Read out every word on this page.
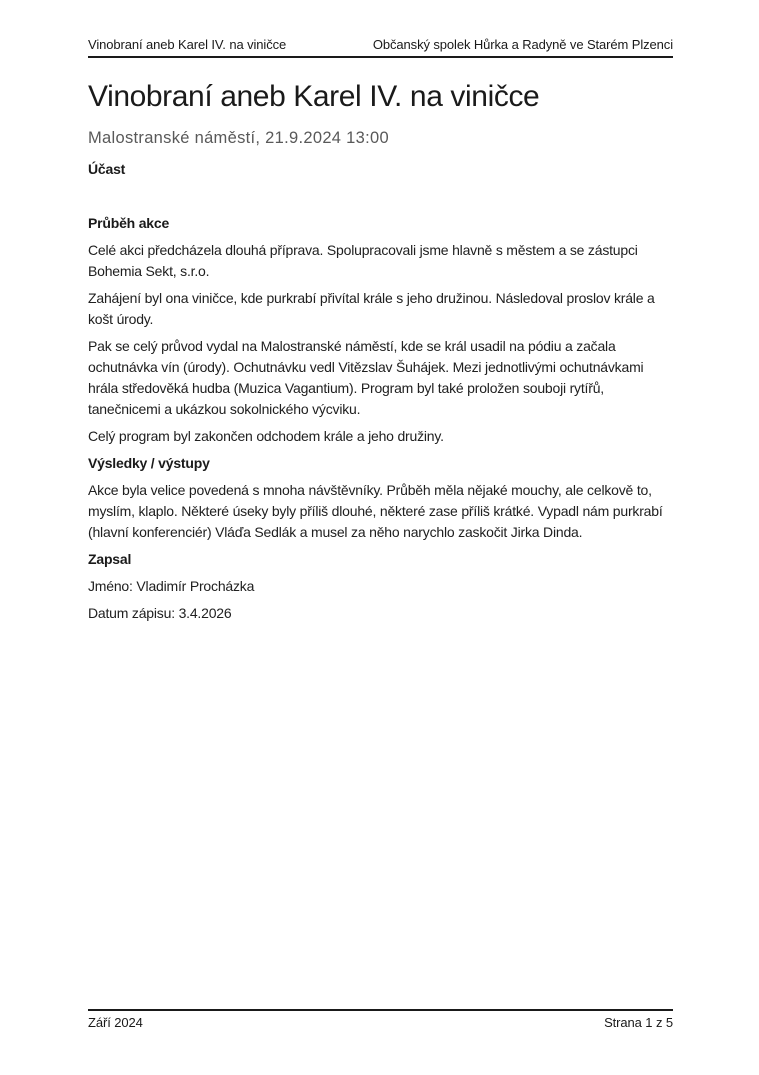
Vinobraní aneb Karel IV. na viničce	Občanský spolek Hůrka a Radyně ve Starém Plzenci
Vinobraní aneb Karel IV. na viničce
Malostranské náměstí, 21.9.2024 13:00
Účast
Průběh akce

Celé akci předcházela dlouhá příprava. Spolupracovali jsme hlavně s městem a se zástupci Bohemia Sekt, s.r.o.

Zahájení byl ona viničce, kde purkrabí přivítal krále s jeho družinou. Následoval proslov krále a košt úrody.

Pak se celý průvod vydal na Malostranské náměstí, kde se král usadil na pódiu a začala ochutnávka vín (úrody). Ochutnávku vedl Vitězslav Šuhájek. Mezi jednotlivými ochutnávkami hrála středověká hudba (Muzica Vagantium). Program byl také proložen souboji rytířů, tanečnicemi a ukázkou sokolnického výcviku.

Celý program byl zakončen odchodem krále a jeho družiny.

Výsledky / výstupy

Akce byla velice povedená s mnoha návštěvníky. Průběh měla nějaké mouchy, ale celkově to, myslím, klaplo. Některé úseky byly příliš dlouhé, některé zase příliš krátké. Vypadl nám purkrabí (hlavní konferenciér) Vláďa Sedlák a musel za něho narychlo zaskočit Jirka Dinda.

Zapsal

Jméno: Vladimír Procházka

Datum zápisu: 3.4.2026

Září 2024	Strana 1 z 5
